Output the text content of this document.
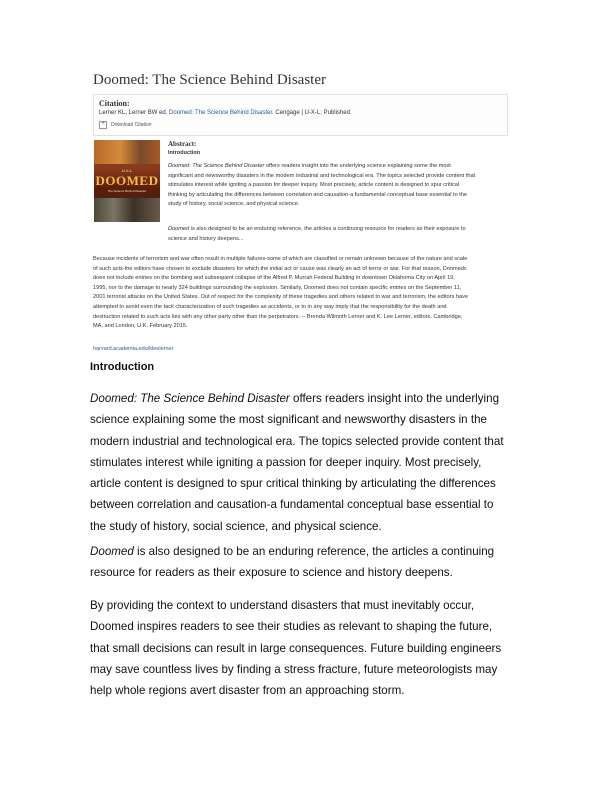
Doomed: The Science Behind Disaster
Citation:
Lerner KL, Lerner BW ed. Doomed: The Science Behind Disaster. Cengage | U-X-L; Published.
+	Download Citation
U-X-L
DOOMED
The Science Behind Disaster
Abstract:
Introduction
Doomed: The Science Behind Disaster offers readers insight into the underlying science explaining some the most
significant and newsworthy disasters in the modern industrial and technological era. The topics selected provide content that
stimulates interest while igniting a passion for deeper inquiry. Most precisely, article content is designed to spur critical
thinking by articulating the differences between correlation and causation-a fundamental conceptual base essential to the
study of history, social science, and physical science.
Doomed is also designed to be an enduring reference, the articles a continuing resource for readers as their exposure to
science and history deepens...
Because incidents of terrorism and war often result in multiple failures-some of which are classified or remain unknown because of the nature and scale
of such acts-the editors have chosen to exclude disasters for which the initial act or cause was clearly an act of terror or war. For that reason, Doomedc
does not include entries on the bombing and subsequent collapse of the Alfred P. Murrah Federal Building in downtown Oklahoma City on April 19,
1995, nor to the damage to nearly 324 buildings surrounding the explosion. Similarly, Doomed does not contain specific entries on the September 11,
2001 terrorist attacks on the United States. Out of respect for the complexity of these tragedies and others related to war and terrorism, the editors have
attempted to avoid even the tacit characterization of such tragedies as accidents, or to in any way imply that the responsibility for the death and
destruction related to such acts lies with any other party other than the perpetrators. -- Brenda Wilmoth Lerner and K. Lee Lerner, editors. Cambridge,
MA, and London, U.K. February 2015.
harvard.academia.edu/kleelerner
Introduction
Doomed: The Science Behind Disaster offers readers insight into the underlying
science explaining some the most significant and newsworthy disasters in the
modern industrial and technological era. The topics selected provide content that
stimulates interest while igniting a passion for deeper inquiry. Most precisely,
article content is designed to spur critical thinking by articulating the differences
between correlation and causation-a fundamental conceptual base essential to
the study of history, social science, and physical science.
Doomed is also designed to be an enduring reference, the articles a continuing
resource for readers as their exposure to science and history deepens.
By providing the context to understand disasters that must inevitably occur,
Doomed inspires readers to see their studies as relevant to shaping the future,
that small decisions can result in large consequences. Future building engineers
may save countless lives by finding a stress fracture, future meteorologists may
help whole regions avert disaster from an approaching storm.
